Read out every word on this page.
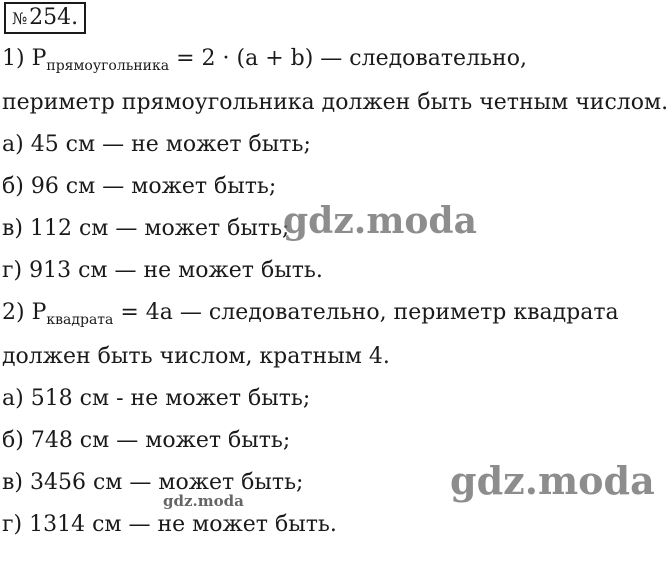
№254.
1) $P_{прямоугольника} = 2 \cdot (a + b)$ — следовательно,
периметр прямоугольника должен быть четным числом.
а) 45 см — не может быть;
б) 96 см — может быть;
в) 112 см — может быть;
г) 913 см — не может быть.
2) $P_{квадрата} = 4a$ — следовательно, периметр квадрата
должен быть числом, кратным 4.
а) 518 см - не может быть;
б) 748 см — может быть;
в) 3456 см — может быть;
г) 1314 см — не может быть.
gdz.moda
gdz.moda
gdz.moda
